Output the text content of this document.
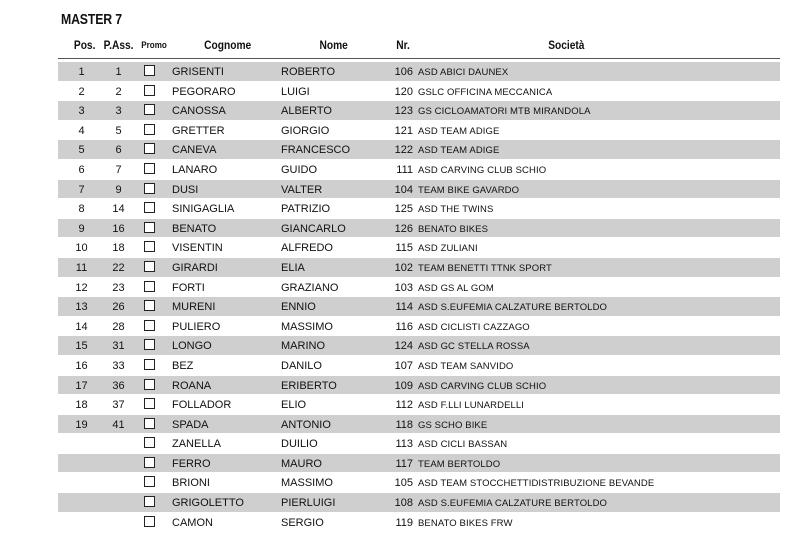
MASTER 7
Pos. P.Ass. Promo	Cognome	Nome	Nr.	Società
1	1	GRISENTI	ROBERTO	106 ASD ABICI DAUNEX
2	2	PEGORARO	LUIGI	120 GSLC OFFICINA MECCANICA
3	3	CANOSSA	ALBERTO	123 GS CICLOAMATORI MTB MIRANDOLA
4	5	GRETTER	GIORGIO	121 ASD TEAM ADIGE
5	6	CANEVA	FRANCESCO	122 ASD TEAM ADIGE
6	7	LANARO	GUIDO	111 ASD CARVING CLUB SCHIO
7	9	DUSI	VALTER	104 TEAM BIKE GAVARDO
8	14	SINIGAGLIA	PATRIZIO	125 ASD THE TWINS
9	16	BENATO	GIANCARLO	126 BENATO BIKES
10	18	VISENTIN	ALFREDO	115 ASD ZULIANI
11	22	GIRARDI	ELIA	102 TEAM BENETTI TTNK SPORT
12	23	FORTI	GRAZIANO	103 ASD GS AL GOM
13	26	MURENI	ENNIO	114 ASD S.EUFEMIA CALZATURE BERTOLDO
14	28	PULIERO	MASSIMO	116 ASD CICLISTI CAZZAGO
15	31	LONGO	MARINO	124 ASD GC STELLA ROSSA
16	33	BEZ	DANILO	107 ASD TEAM SANVIDO
17	36	ROANA	ERIBERTO	109 ASD CARVING CLUB SCHIO
18	37	FOLLADOR	ELIO	112 ASD F.LLI LUNARDELLI
19	41	SPADA	ANTONIO	118 GS SCHO BIKE
ZANELLA	DUILIO	113 ASD CICLI BASSAN
FERRO	MAURO	117 TEAM BERTOLDO
BRIONI	MASSIMO	105 ASD TEAM STOCCHETTIDISTRIBUZIONE BEVANDE
GRIGOLETTO	PIERLUIGI	108 ASD S.EUFEMIA CALZATURE BERTOLDO
CAMON	SERGIO	119 BENATO BIKES FRW
